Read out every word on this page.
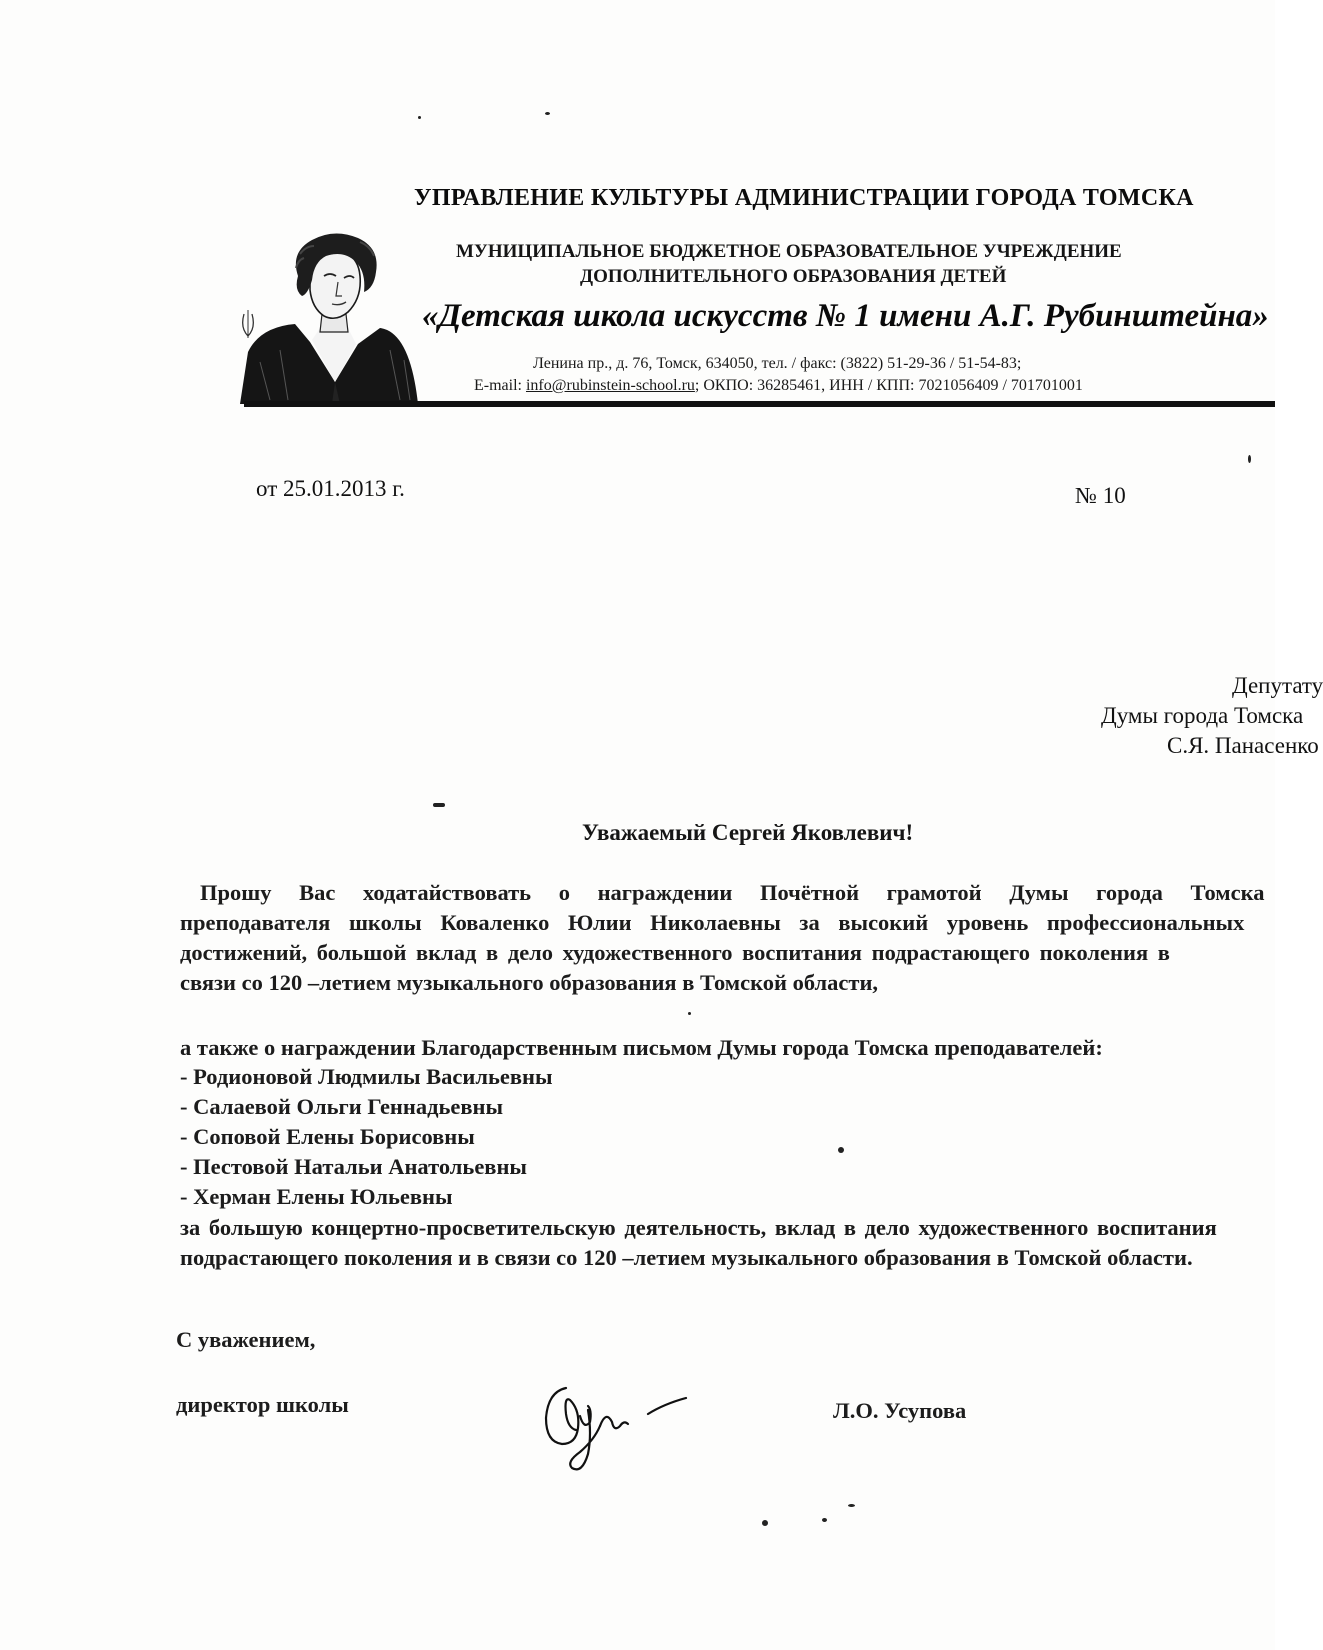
УПРАВЛЕНИЕ КУЛЬТУРЫ АДМИНИСТРАЦИИ ГОРОДА ТОМСКА
МУНИЦИПАЛЬНОЕ БЮДЖЕТНОЕ ОБРАЗОВАТЕЛЬНОЕ УЧРЕЖДЕНИЕ
ДОПОЛНИТЕЛЬНОГО ОБРАЗОВАНИЯ ДЕТЕЙ
«Детская школа искусств № 1 имени А.Г. Рубинштейна»
Ленина пр., д. 76, Томск, 634050, тел. / факс: (3822) 51-29-36 / 51-54-83;
E-mail: info@rubinstein-school.ru; ОКПО: 36285461, ИНН / КПП: 7021056409 / 701701001
от 25.01.2013 г.	№ 10
Депутату
Думы города Томска
С.Я. Панасенко
Уважаемый Сергей Яковлевич!
Прошу Вас ходатайствовать о награждении Почётной грамотой Думы города Томска
преподавателя школы Коваленко Юлии Николаевны за высокий уровень профессиональных
достижений, большой вклад в дело художественного воспитания подрастающего поколения в
связи со 120 –летием музыкального образования в Томской области,
а также о награждении Благодарственным письмом Думы города Томска преподавателей:
- Родионовой Людмилы Васильевны
- Салаевой Ольги Геннадьевны
- Соповой Елены Борисовны
- Пестовой Натальи Анатольевны
- Херман Елены Юльевны
за большую концертно-просветительскую деятельность, вклад в дело художественного воспитания
подрастающего поколения и в связи со 120 –летием музыкального образования в Томской области.
С уважением,
директор школы	Л.О. Усупова
